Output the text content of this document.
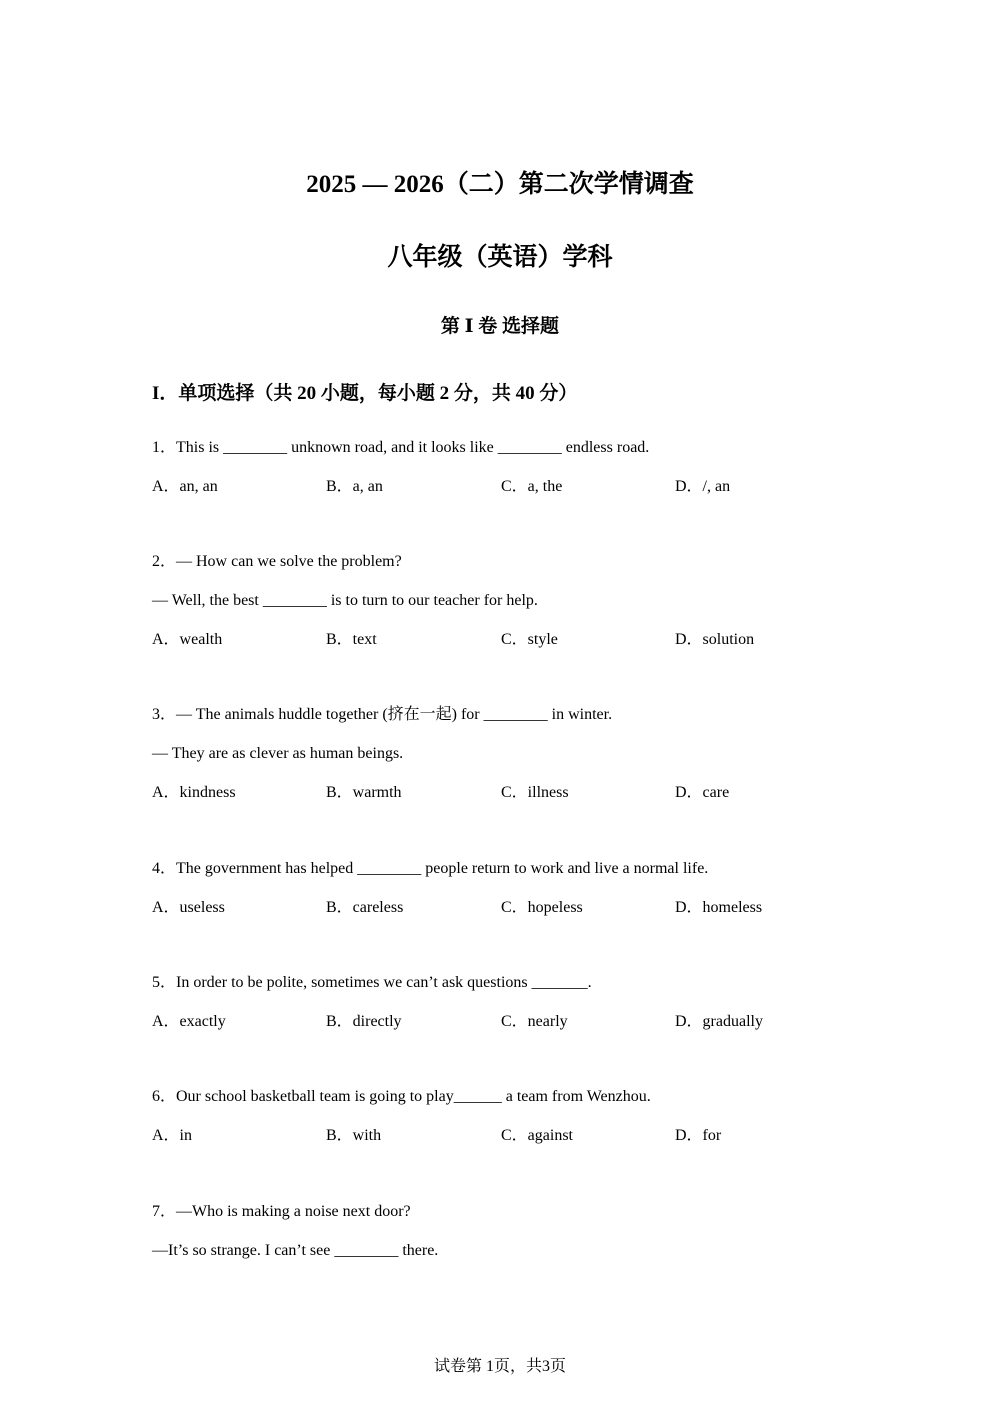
2025 — 2026（二）第二次学情调查
八年级（英语）学科
第 Ⅰ 卷 选择题
I．单项选择（共 20 小题，每小题 2 分，共 40 分）
1．This is ________ unknown road, and it looks like ________ endless road.
A．an, an	B．a, an	C．a, the	D．/, an
2．— How can we solve the problem?
— Well, the best ________ is to turn to our teacher for help.
A．wealth	B．text	C．style	D．solution
3．— The animals huddle together (挤在一起) for ________ in winter.
— They are as clever as human beings.
A．kindness	B．warmth	C．illness	D．care
4．The government has helped ________ people return to work and live a normal life.
A．useless	B．careless	C．hopeless	D．homeless
5．In order to be polite, sometimes we can’t ask questions _______.
A．exactly	B．directly	C．nearly	D．gradually
6．Our school basketball team is going to play______ a team from Wenzhou.
A．in	B．with	C．against	D．for
7．—Who is making a noise next door?
—It’s so strange. I can’t see ________ there.
试卷第 1页，共3页
